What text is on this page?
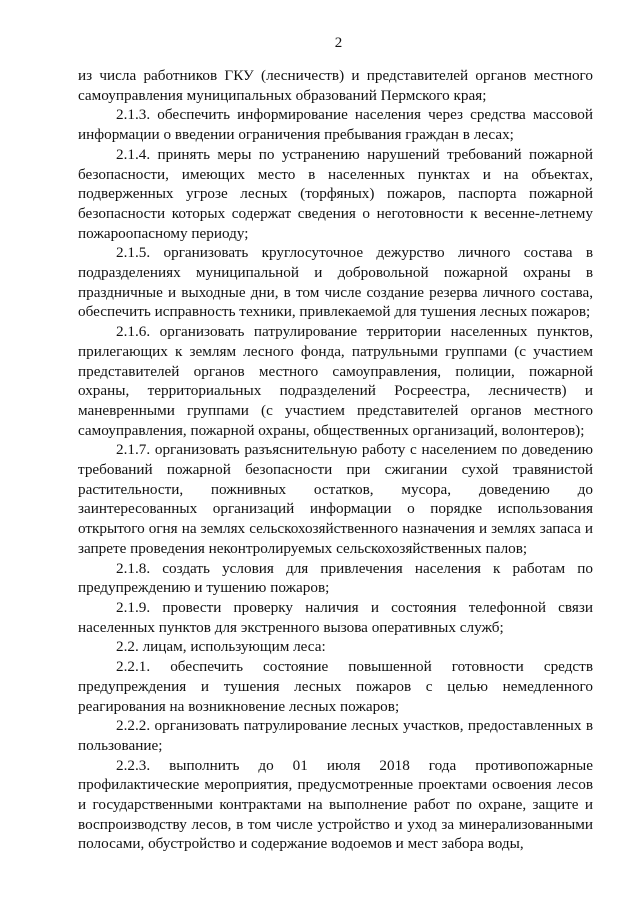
2

из числа работников ГКУ (лесничеств) и представителей органов местного самоуправления муниципальных образований Пермского края;

2.1.3. обеспечить информирование населения через средства массовой информации о введении ограничения пребывания граждан в лесах;

2.1.4. принять меры по устранению нарушений требований пожарной безопасности, имеющих место в населенных пунктах и на объектах, подверженных угрозе лесных (торфяных) пожаров, паспорта пожарной безопасности которых содержат сведения о неготовности к весенне-летнему пожароопасному периоду;

2.1.5. организовать круглосуточное дежурство личного состава в подразделениях муниципальной и добровольной пожарной охраны в праздничные и выходные дни, в том числе создание резерва личного состава, обеспечить исправность техники, привлекаемой для тушения лесных пожаров;

2.1.6. организовать патрулирование территории населенных пунктов, прилегающих к землям лесного фонда, патрульными группами (с участием представителей органов местного самоуправления, полиции, пожарной охраны, территориальных подразделений Росреестра, лесничеств) и маневренными группами (с участием представителей органов местного самоуправления, пожарной охраны, общественных организаций, волонтеров);

2.1.7. организовать разъяснительную работу с населением по доведению требований пожарной безопасности при сжигании сухой травянистой растительности, пожнивных остатков, мусора, доведению до заинтересованных организаций информации о порядке использования открытого огня на землях сельскохозяйственного назначения и землях запаса и запрете проведения неконтролируемых сельскохозяйственных палов;

2.1.8. создать условия для привлечения населения к работам по предупреждению и тушению пожаров;

2.1.9. провести проверку наличия и состояния телефонной связи населенных пунктов для экстренного вызова оперативных служб;

2.2. лицам, использующим леса:

2.2.1. обеспечить состояние повышенной готовности средств предупреждения и тушения лесных пожаров с целью немедленного реагирования на возникновение лесных пожаров;

2.2.2. организовать патрулирование лесных участков, предоставленных в пользование;

2.2.3. выполнить до 01 июля 2018 года противопожарные профилактические мероприятия, предусмотренные проектами освоения лесов и государственными контрактами на выполнение работ по охране, защите и воспроизводству лесов, в том числе устройство и уход за минерализованными полосами, обустройство и содержание водоемов и мест забора воды,
